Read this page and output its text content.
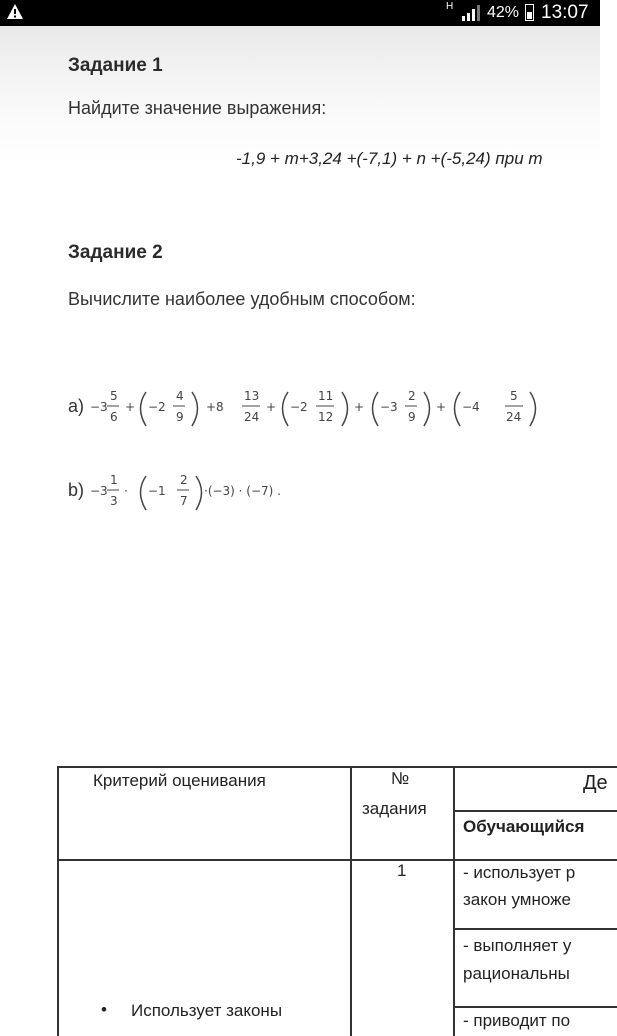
H 42% 13:07
Задание 1
Найдите значение выражения:
-1,9 + m+3,24 +(-7,1) + n +(-5,24) при m
Задание 2
Вычислите наиболее удобным способом:
a) −3
5
6
+ −2
4
9
+8
13
24
+ −2
11
12
+ −3
2
9
+ −4
5
24
b) −3
1
3
· −1
2
7
·(−3) · (−7) .
Критерий оценивания	№
задания
Де
Обучающийся
1	- использует р
закон умноже
- выполняет у
рациональны
- приводит по
• Использует законы
